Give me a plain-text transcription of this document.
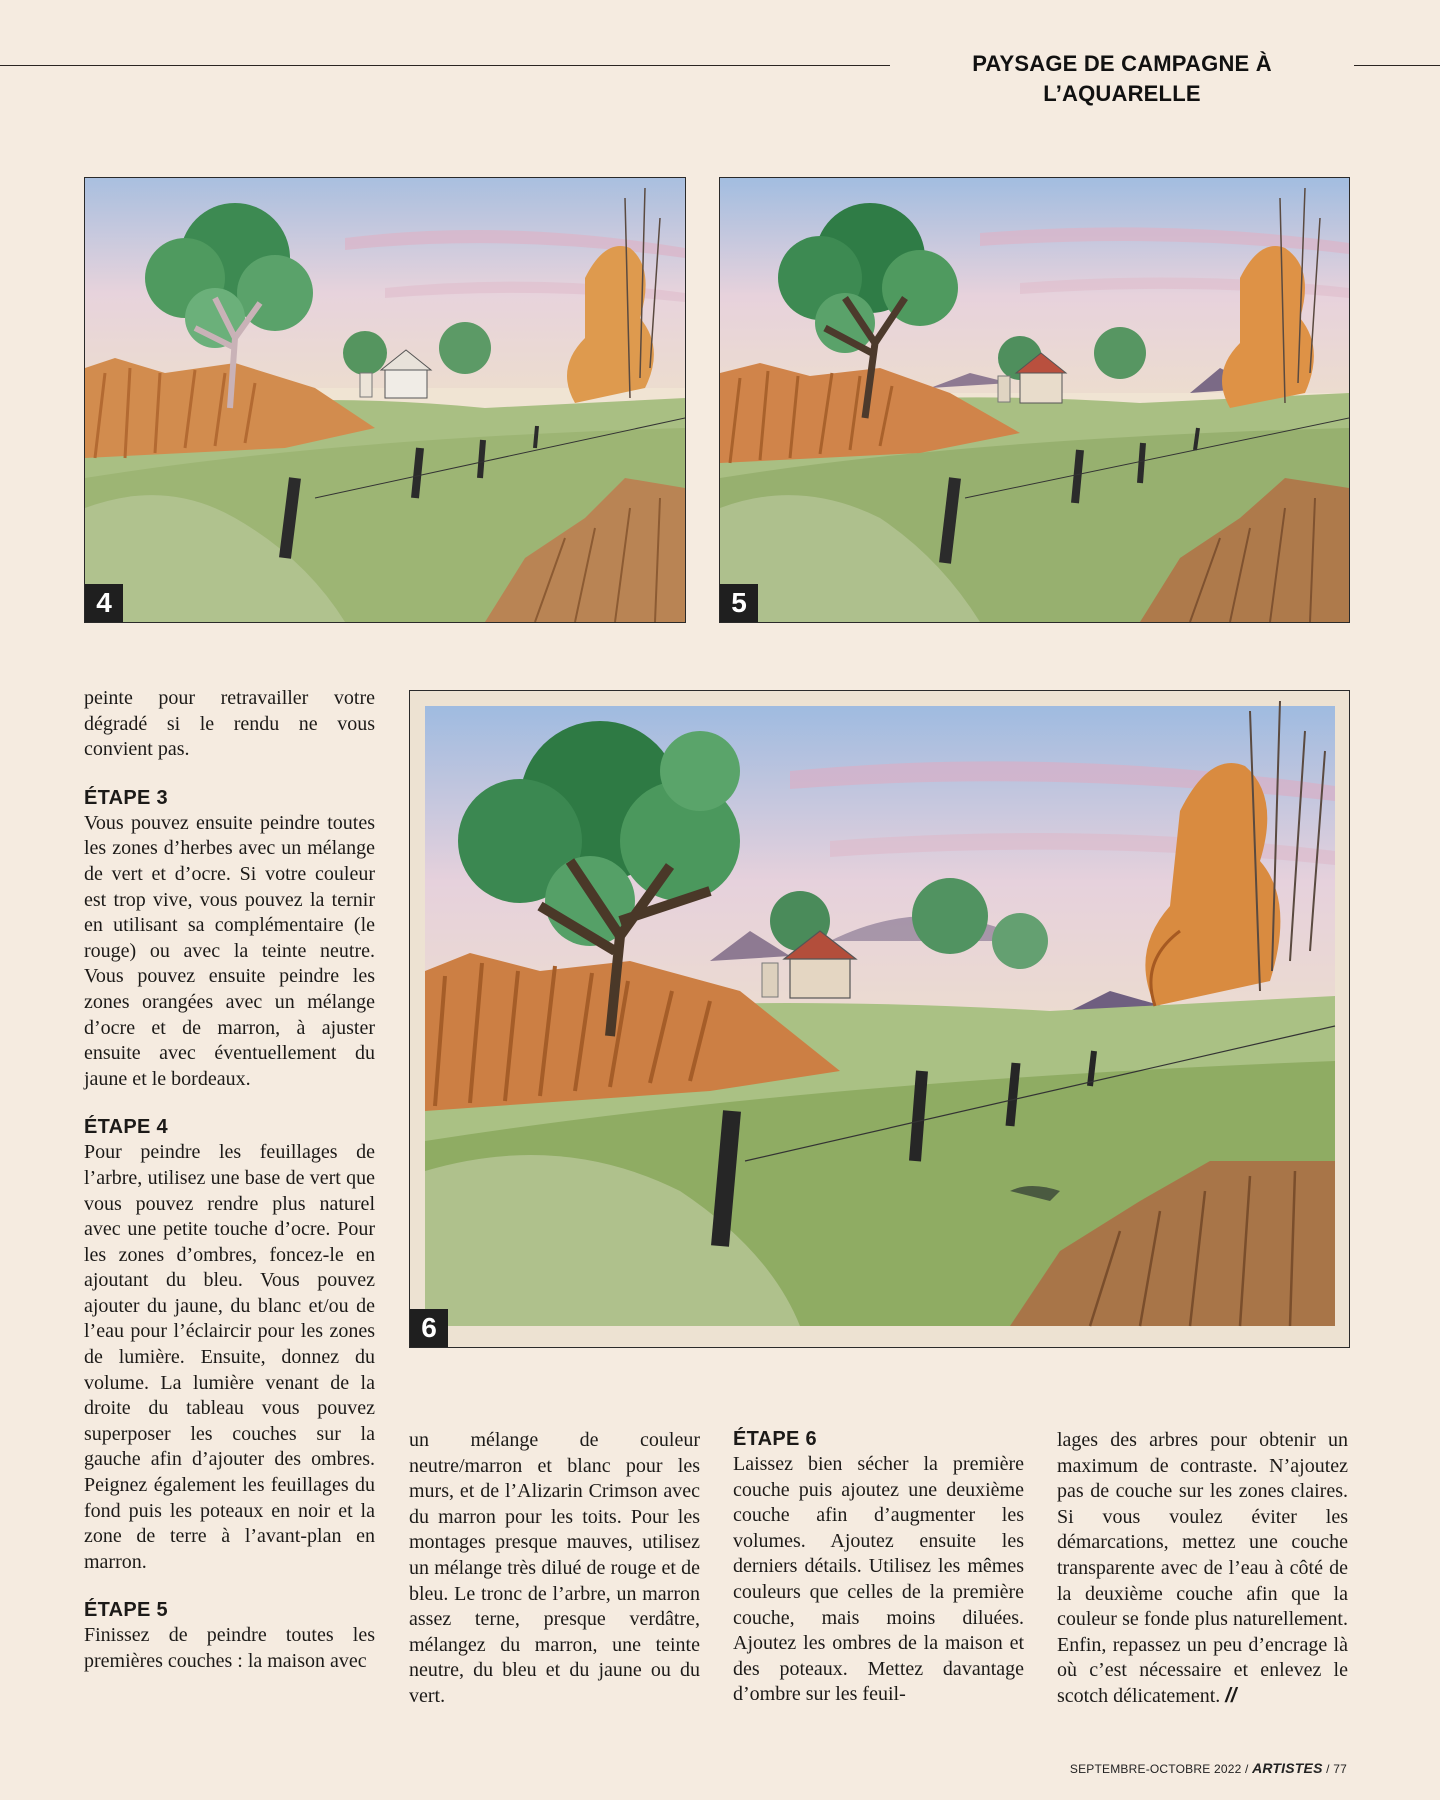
PAYSAGE DE CAMPAGNE À L’AQUARELLE
4	5
6

peinte pour retravailler votre dégradé si le rendu ne vous convient pas.

ÉTAPE 3

Vous pouvez ensuite peindre toutes les zones d’herbes avec un mélange de vert et d’ocre. Si votre couleur est trop vive, vous pouvez la ternir en utilisant sa complémentaire (le rouge) ou avec la teinte neutre. Vous pouvez ensuite peindre les zones orangées avec un mélange d’ocre et de marron, à ajuster ensuite avec éventuellement du jaune et le bordeaux.

ÉTAPE 4

Pour peindre les feuillages de l’arbre, utilisez une base de vert que vous pouvez rendre plus naturel avec une petite touche d’ocre. Pour les zones d’ombres, foncez-le en ajoutant du bleu. Vous pouvez ajouter du jaune, du blanc et/ou de l’eau pour l’éclaircir pour les zones de lumière. Ensuite, donnez du volume. La lumière venant de la droite du tableau vous pouvez superposer les couches sur la gauche afin d’ajouter des ombres. Peignez également les feuillages du fond puis les poteaux en noir et la zone de terre à l’avant-plan en marron.

ÉTAPE 5

Finissez de peindre toutes les premières couches : la maison avec

un mélange de couleur neutre/marron et blanc pour les murs, et de l’Alizarin Crimson avec du marron pour les toits. Pour les montages presque mauves, utilisez un mélange très dilué de rouge et de bleu. Le tronc de l’arbre, un marron assez terne, presque verdâtre, mélangez du marron, une teinte neutre, du bleu et du jaune ou du vert.

ÉTAPE 6

Laissez bien sécher la première couche puis ajoutez une deuxième couche afin d’augmenter les volumes. Ajoutez ensuite les derniers détails. Utilisez les mêmes couleurs que celles de la première couche, mais moins diluées. Ajoutez les ombres de la maison et des poteaux. Mettez davantage d’ombre sur les feuil-

lages des arbres pour obtenir un maximum de contraste. N’ajoutez pas de couche sur les zones claires. Si vous voulez éviter les démarcations, mettez une couche transparente avec de l’eau à côté de la deuxième couche afin que la couleur se fonde plus naturellement. Enfin, repassez un peu d’encrage là où c’est nécessaire et enlevez le scotch délicatement. //

SEPTEMBRE-OCTOBRE 2022 / ARTISTES / 77
